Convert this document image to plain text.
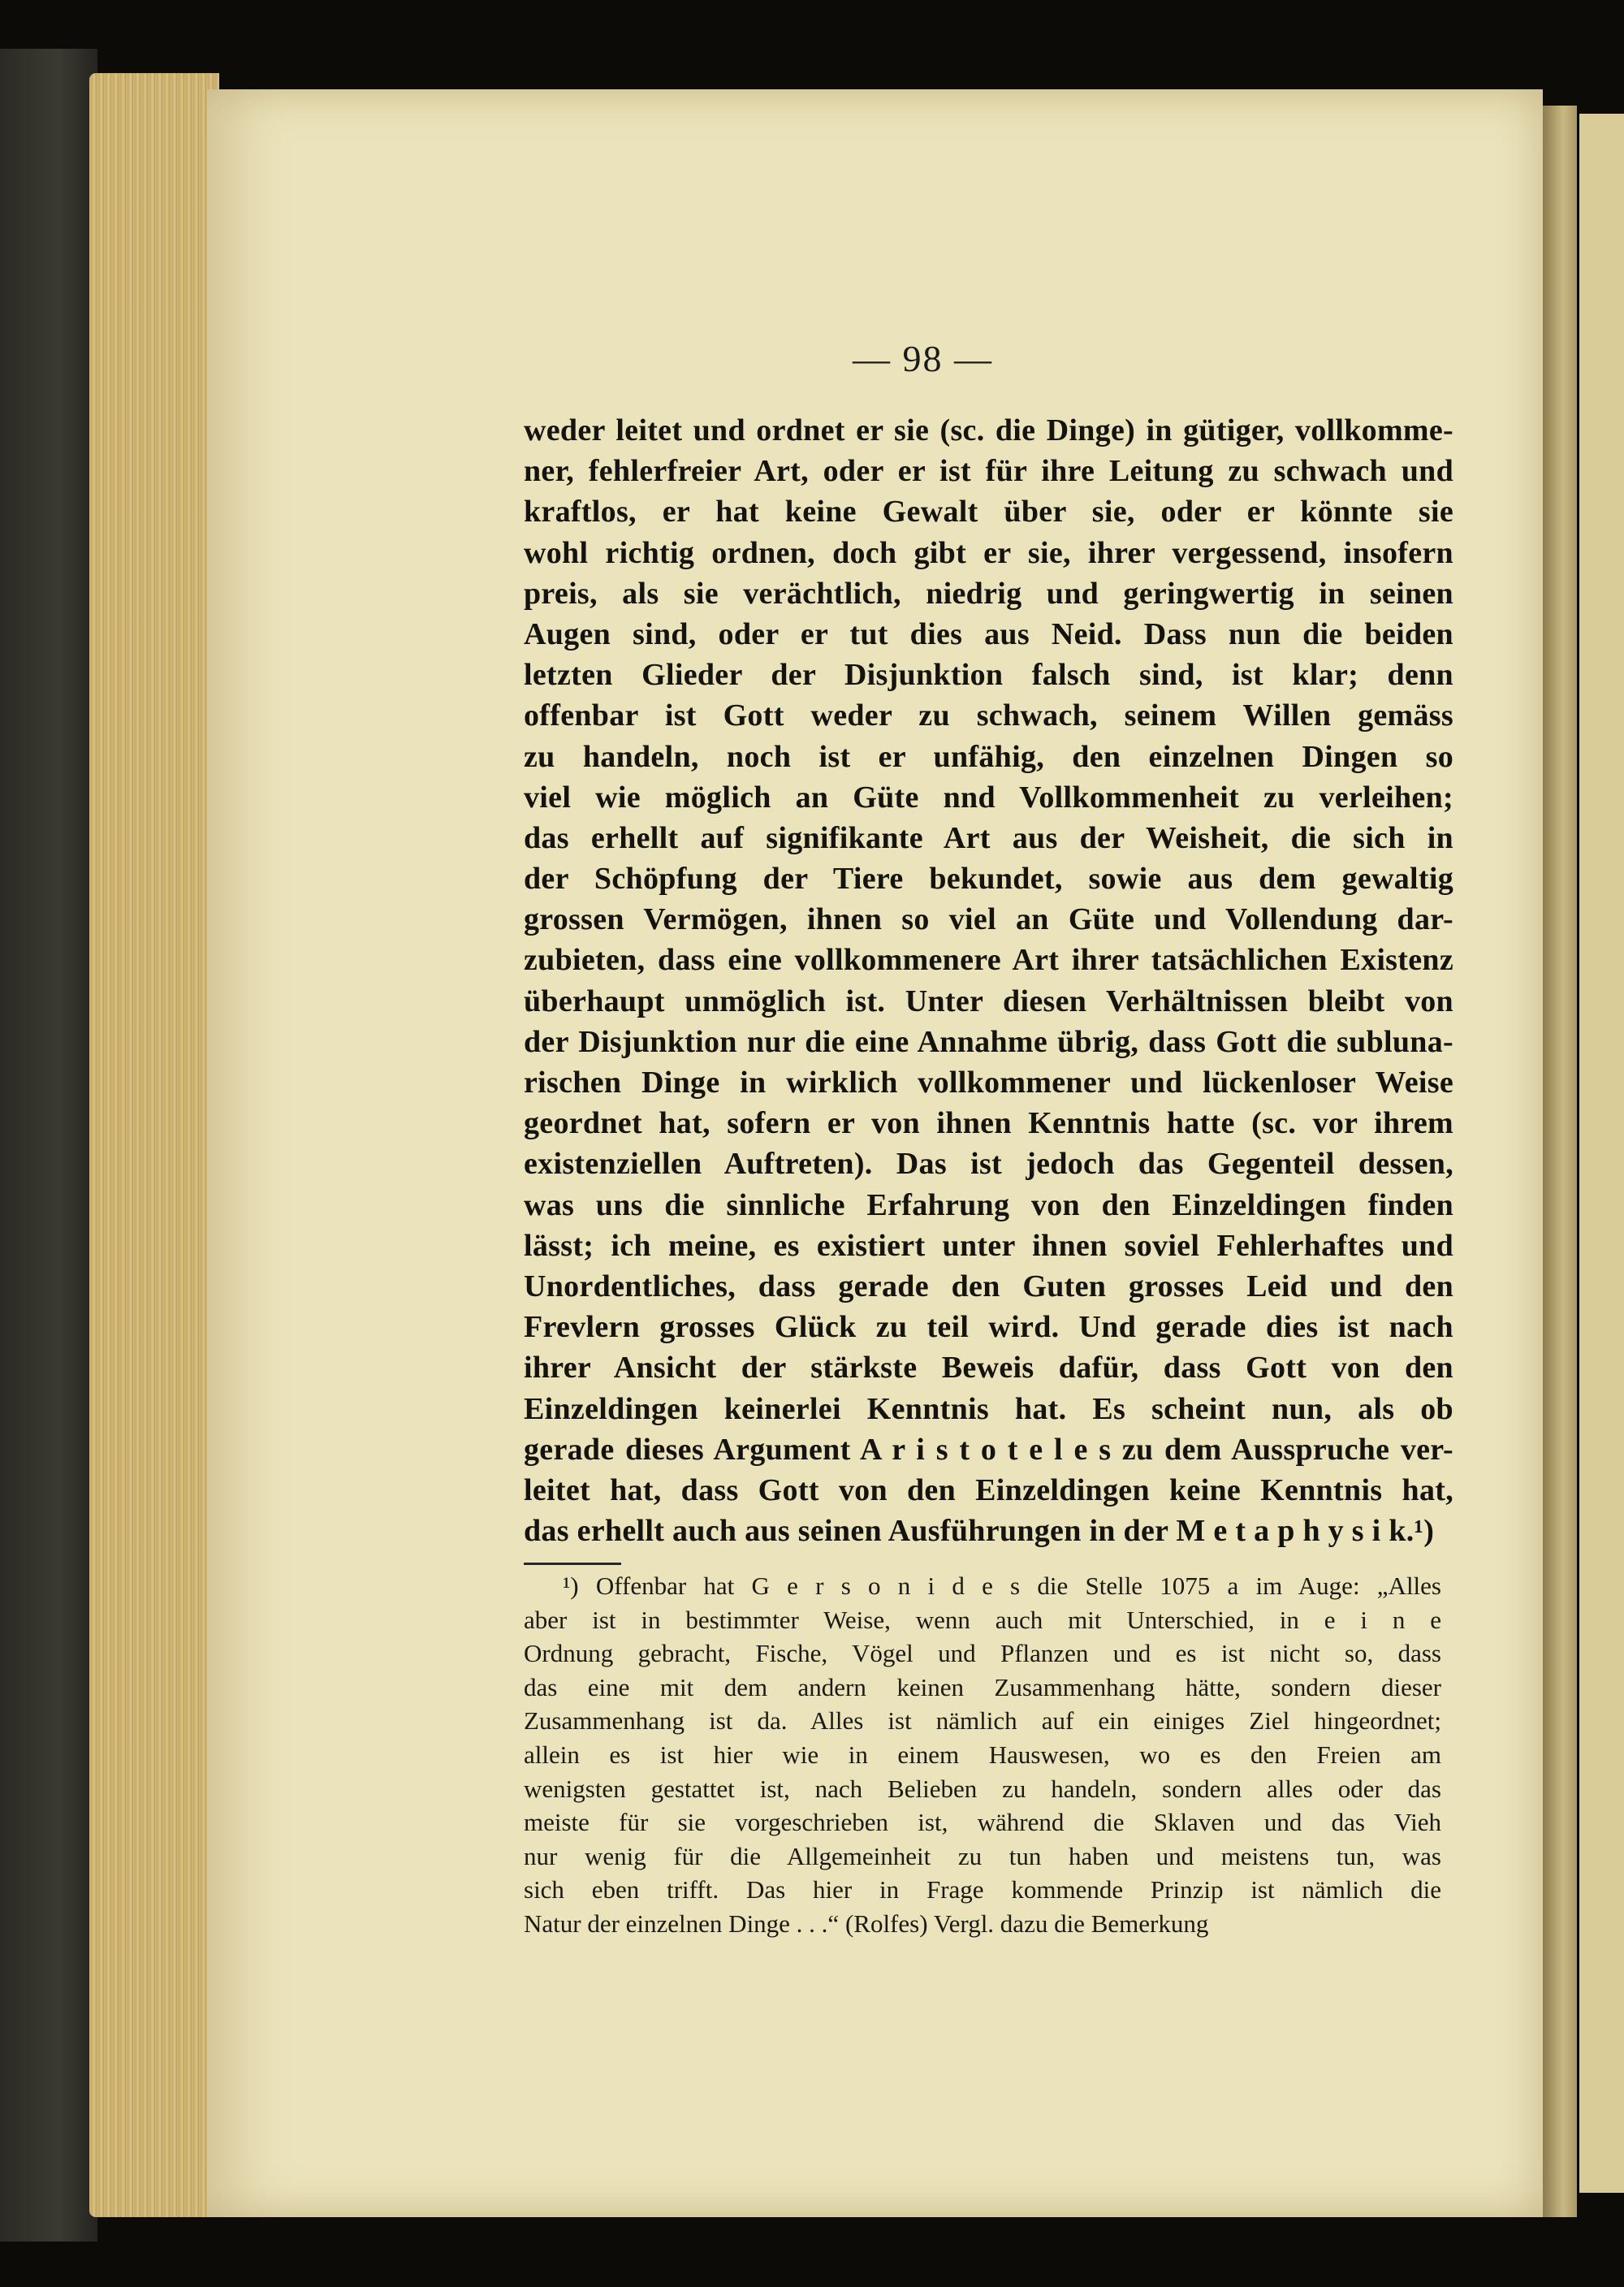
— 98 —
weder leitet und ordnet er sie (sc. die Dinge) in gütiger, vollkomme-
ner, fehlerfreier Art, oder er ist für ihre Leitung zu schwach und
kraftlos, er hat keine Gewalt über sie, oder er könnte sie
wohl richtig ordnen, doch gibt er sie, ihrer vergessend, insofern
preis, als sie verächtlich, niedrig und geringwertig in seinen
Augen sind, oder er tut dies aus Neid. Dass nun die beiden
letzten Glieder der Disjunktion falsch sind, ist klar; denn
offenbar ist Gott weder zu schwach, seinem Willen gemäss
zu handeln, noch ist er unfähig, den einzelnen Dingen so
viel wie möglich an Güte nnd Vollkommenheit zu verleihen;
das erhellt auf signifikante Art aus der Weisheit, die sich in
der Schöpfung der Tiere bekundet, sowie aus dem gewaltig
grossen Vermögen, ihnen so viel an Güte und Vollendung dar-
zubieten, dass eine vollkommenere Art ihrer tatsächlichen Existenz
überhaupt unmöglich ist. Unter diesen Verhältnissen bleibt von
der Disjunktion nur die eine Annahme übrig, dass Gott die subluna-
rischen Dinge in wirklich vollkommener und lückenloser Weise
geordnet hat, sofern er von ihnen Kenntnis hatte (sc. vor ihrem
existenziellen Auftreten). Das ist jedoch das Gegenteil dessen,
was uns die sinnliche Erfahrung von den Einzeldingen finden
lässt; ich meine, es existiert unter ihnen soviel Fehlerhaftes und
Unordentliches, dass gerade den Guten grosses Leid und den
Frevlern grosses Glück zu teil wird. Und gerade dies ist nach
ihrer Ansicht der stärkste Beweis dafür, dass Gott von den
Einzeldingen keinerlei Kenntnis hat. Es scheint nun, als ob
gerade dieses Argument A r i s t o t e l e s zu dem Ausspruche ver-
leitet hat, dass Gott von den Einzeldingen keine Kenntnis hat,
das erhellt auch aus seinen Ausführungen in der M e t a p h y s i k.¹)
¹) Offenbar hat G e r s o n i d e s die Stelle 1075 a im Auge: „Alles
aber ist in bestimmter Weise, wenn auch mit Unterschied, in e i n e
Ordnung gebracht, Fische, Vögel und Pflanzen und es ist nicht so, dass
das eine mit dem andern keinen Zusammenhang hätte, sondern dieser
Zusammenhang ist da. Alles ist nämlich auf ein einiges Ziel hingeordnet;
allein es ist hier wie in einem Hauswesen, wo es den Freien am
wenigsten gestattet ist, nach Belieben zu handeln, sondern alles oder das
meiste für sie vorgeschrieben ist, während die Sklaven und das Vieh
nur wenig für die Allgemeinheit zu tun haben und meistens tun, was
sich eben trifft. Das hier in Frage kommende Prinzip ist nämlich die
Natur der einzelnen Dinge . . .“ (Rolfes) Vergl. dazu die Bemerkung
